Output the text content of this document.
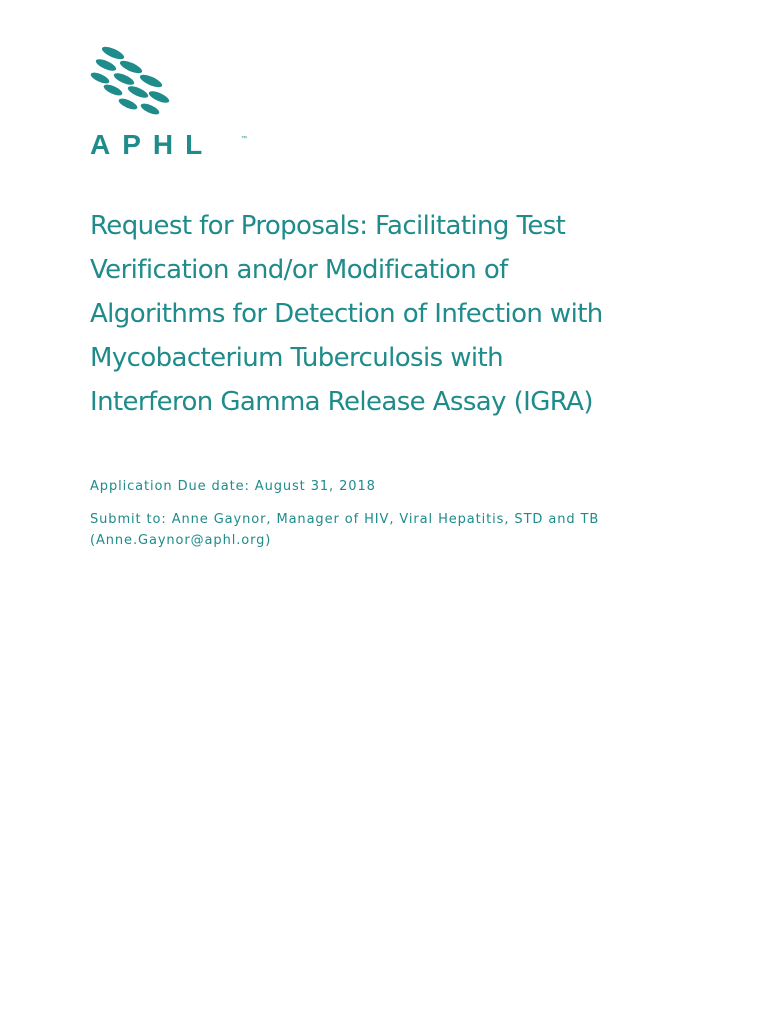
APHL	™
Request for Proposals: Facilitating Test
Verification and/or Modification of
Algorithms for Detection of Infection with
Mycobacterium Tuberculosis with
Interferon Gamma Release Assay (IGRA)

Application Due date: August 31, 2018

Submit to: Anne Gaynor, Manager of HIV, Viral Hepatitis, STD and TB
(Anne.Gaynor@aphl.org)
